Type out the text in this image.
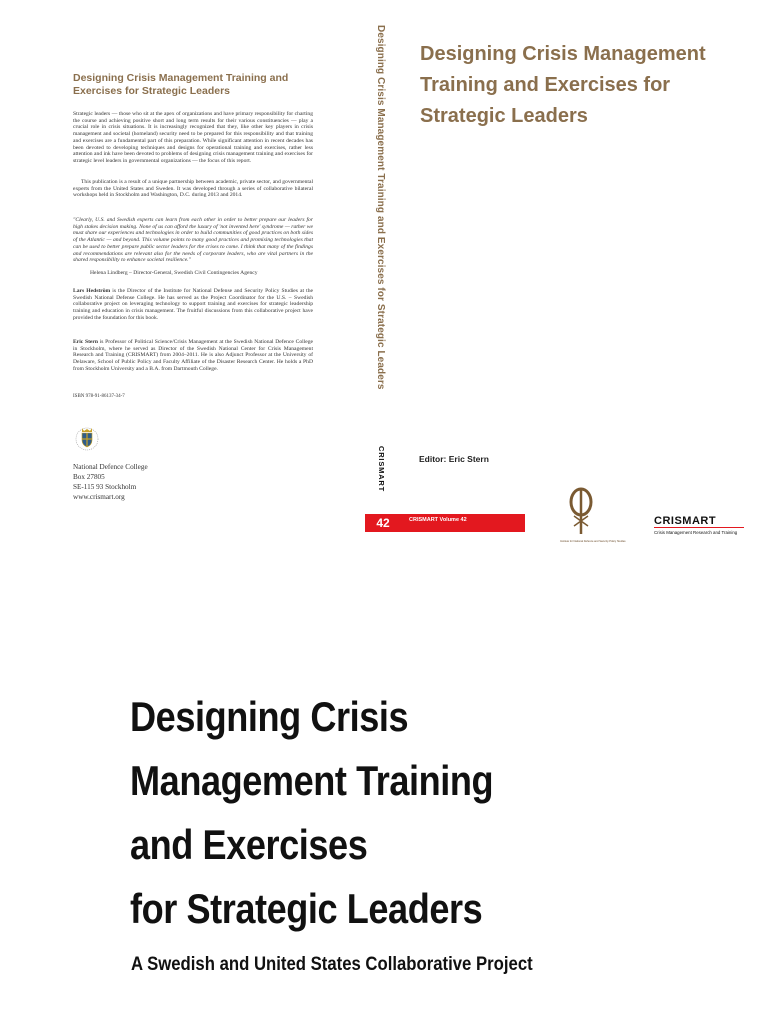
Designing Crisis Management Training and Exercises for Strategic Leaders

Strategic leaders — those who sit at the apex of organizations and have primary responsibility for charting the course and achieving positive short and long term results for their various constituencies — play a crucial role in crisis situations. It is increasingly recognized that they, like other key players in crisis management and societal (homeland) security need to be prepared for this responsibility and that training and exercises are a fundamental part of this preparation. While significant attention in recent decades has been devoted to developing techniques and designs for operational training and exercises, rather less attention and ink have been devoted to problems of designing crisis management training and exercises for strategic level leaders in governmental organizations — the focus of this report.

This publication is a result of a unique partnership between academic, private sector, and governmental experts from the United States and Sweden. It was developed through a series of collaborative bilateral workshops held in Stockholm and Washington, D.C. during 2013 and 2014.

"Clearly, U.S. and Swedish experts can learn from each other in order to better prepare our leaders for high stakes decision making. None of us can afford the luxury of 'not invented here' syndrome — rather we must share our experiences and technologies in order to build communities of good practices on both sides of the Atlantic — and beyond. This volume points to many good practices and promising technologies that can be used to better prepare public sector leaders for the crises to come. I think that many of the findings and recommendations are relevant also for the needs of corporate leaders, who are vital partners in the shared responsibility to enhance societal resilience."

Helena Lindberg – Director-General, Swedish Civil Contingencies Agency

Lars Hedström is the Director of the Institute for National Defense and Security Policy Studies at the Swedish National Defense College. He has served as the Project Coordinator for the U.S. – Swedish collaborative project on leveraging technology to support training and exercises for strategic leadership training and education in crisis management. The fruitful discussions from this collaborative project have provided the foundation for this book.

Eric Stern is Professor of Political Science/Crisis Management at the Swedish National Defence College in Stockholm, where he served as Director of the Swedish National Center for Crisis Management Research and Training (CRISMART) from 2004–2011. He is also Adjunct Professor at the University of Delaware, School of Public Policy and Faculty Affiliate of the Disaster Research Center. He holds a PhD from Stockholm University and a B.A. from Dartmouth College.

ISBN 978-91-86137-34-7

National Defence College
Box 27805
SE-115 93 Stockholm
www.crismart.org
Designing Crisis Management Training and Exercises for Strategic Leaders
CRISMART
42
Designing Crisis Management Training and Exercises for Strategic Leaders

Editor: Eric Stern

CRISMART Volume 42

Institute for National Defence and Security Policy Studies

CRISMART

Crisis Management Research and Training

Designing Crisis
Management Training
and Exercises
for Strategic Leaders

A Swedish and United States Collaborative Project
